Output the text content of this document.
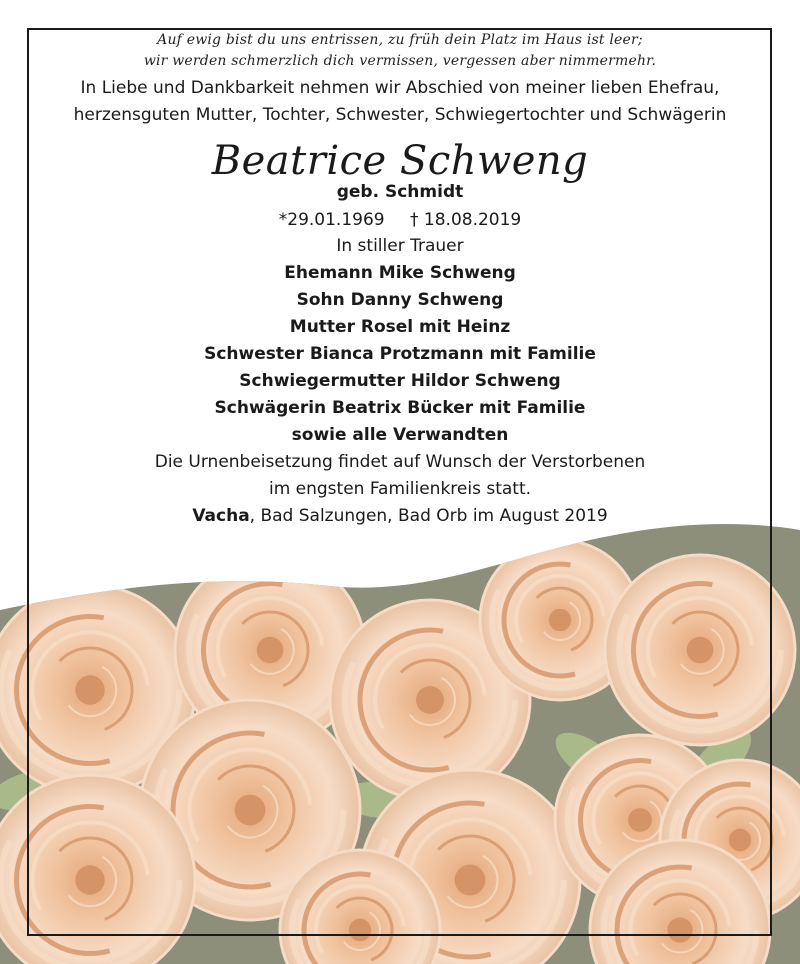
Auf ewig bist du uns entrissen, zu früh dein Platz im Haus ist leer;
wir werden schmerzlich dich vermissen, vergessen aber nimmermehr.
In Liebe und Dankbarkeit nehmen wir Abschied von meiner lieben Ehefrau,
herzensguten Mutter, Tochter, Schwester, Schwiegertochter und Schwägerin
Beatrice Schweng
geb. Schmidt
*29.01.1969 † 18.08.2019
In stiller Trauer
Ehemann Mike Schweng
Sohn Danny Schweng
Mutter Rosel mit Heinz
Schwester Bianca Protzmann mit Familie
Schwiegermutter Hildor Schweng
Schwägerin Beatrix Bücker mit Familie
sowie alle Verwandten
Die Urnenbeisetzung findet auf Wunsch der Verstorbenen
im engsten Familienkreis statt.
Vacha, Bad Salzungen, Bad Orb im August 2019
